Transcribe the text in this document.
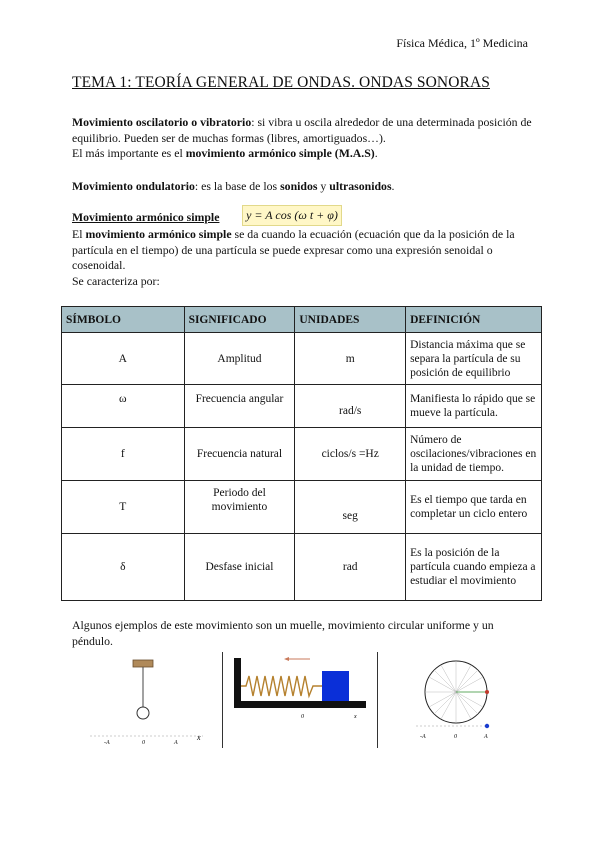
Física Médica, 1º Medicina
TEMA 1: TEORÍA GENERAL DE ONDAS. ONDAS SONORAS
Movimiento oscilatorio o vibratorio: si vibra u oscila alrededor de una determinada posición de equilibrio. Pueden ser de muchas formas (libres, amortiguados…).
El más importante es el movimiento armónico simple (M.A.S).
Movimiento ondulatorio: es la base de los sonidos y ultrasonidos.
Movimiento armónico simple	y = A cos (ω t + φ)
El movimiento armónico simple se da cuando la ecuación (ecuación que da la posición de la partícula en el tiempo) de una partícula se puede expresar como una expresión senoidal o cosenoidal.
Se caracteriza por:
SÍMBOLO	SIGNIFICADO	UNIDADES	DEFINICIÓN
A	Amplitud	m	Distancia máxima que se separa la partícula de su posición de equilibrio
ω	Frecuencia angular	rad/s	Manifiesta lo rápido que se mueve la partícula.
f	Frecuencia natural	ciclos/s =Hz	Número de oscilaciones/vibraciones en la unidad de tiempo.
T	Periodo del movimiento	seg	Es el tiempo que tarda en completar un ciclo entero
δ	Desfase inicial	rad	Es la posición de la partícula cuando empieza a estudiar el movimiento
Algunos ejemplos de este movimiento son un muelle, movimiento circular uniforme y un péndulo.
-A	0	A
x
0	x
-A	0	A
